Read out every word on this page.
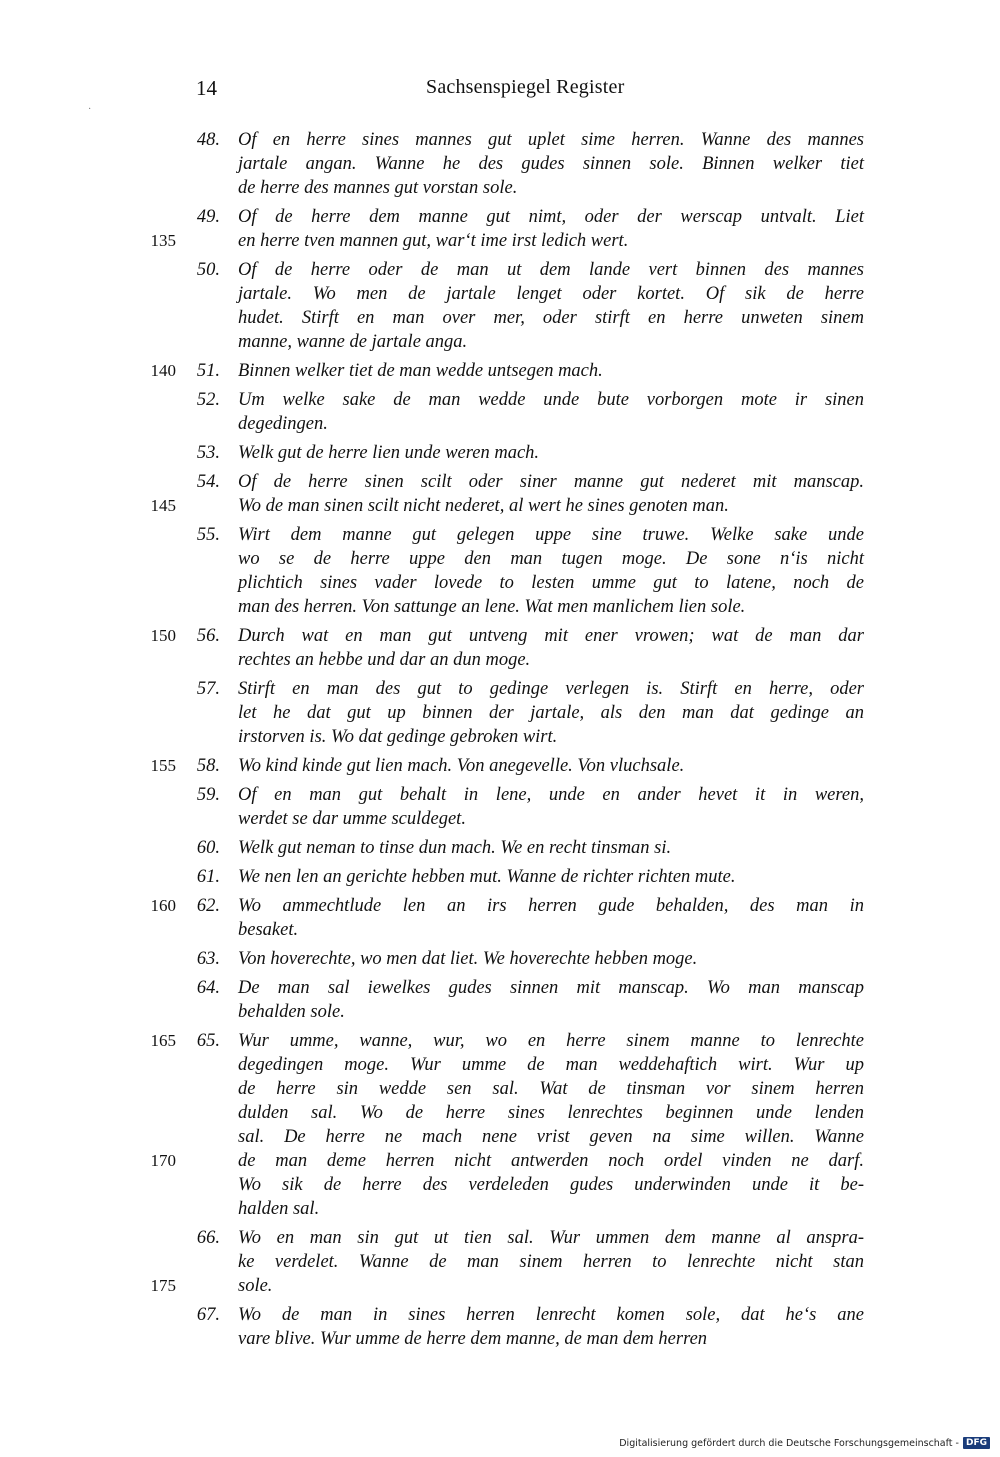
14	Sachsenspiegel Register
·
48. Of en herre sines mannes gut uplet sime herren. Wanne des mannes
jartale angan. Wanne he des gudes sinnen sole. Binnen welker tiet
de herre des mannes gut vorstan sole.
49. Of de herre dem manne gut nimt, oder der werscap untvalt. Liet
135	en herre tven mannen gut, war‘t ime irst ledich wert.
50. Of de herre oder de man ut dem lande vert binnen des mannes
jartale. Wo men de jartale lenget oder kortet. Of sik de herre
hudet. Stirft en man over mer, oder stirft en herre unweten sinem
manne, wanne de jartale anga.
51.
140	Binnen welker tiet de man wedde untsegen mach.
52. Um welke sake de man wedde unde bute vorborgen mote ir sinen
degedingen.
53. Welk gut de herre lien unde weren mach.
54. Of de herre sinen scilt oder siner manne gut nederet mit manscap.
145	Wo de man sinen scilt nicht nederet, al wert he sines genoten man.
55. Wirt dem manne gut gelegen uppe sine truwe. Welke sake unde
wo se de herre uppe den man tugen moge. De sone n‘is nicht
plichtich sines vader lovede to lesten umme gut to latene, noch de
man des herren. Von sattunge an lene. Wat men manlichem lien sole.
56.
150	Durch wat en man gut untveng mit ener vrowen; wat de man dar
rechtes an hebbe und dar an dun moge.
57. Stirft en man des gut to gedinge verlegen is. Stirft en herre, oder
let he dat gut up binnen der jartale, als den man dat gedinge an
irstorven is. Wo dat gedinge gebroken wirt.
58.
155	Wo kind kinde gut lien mach. Von anegevelle. Von vluchsale.
59. Of en man gut behalt in lene, unde en ander hevet it in weren,
werdet se dar umme sculdeget.
60. Welk gut neman to tinse dun mach. We en recht tinsman si.
61. We nen len an gerichte hebben mut. Wanne de richter richten mute.
62.
160	Wo ammechtlude len an irs herren gude behalden, des man in
besaket.
63. Von hoverechte, wo men dat liet. We hoverechte hebben moge.
64. De man sal iewelkes gudes sinnen mit manscap. Wo man manscap
behalden sole.
65.
165	Wur umme, wanne, wur, wo en herre sinem manne to lenrechte
degedingen moge. Wur umme de man weddehaftich wirt. Wur up
de herre sin wedde sen sal. Wat de tinsman vor sinem herren
dulden sal. Wo de herre sines lenrechtes beginnen unde lenden
sal. De herre ne mach nene vrist geven na sime willen. Wanne
170	de man deme herren nicht antwerden noch ordel vinden ne darf.
Wo sik de herre des verdeleden gudes underwinden unde it be-
halden sal.
66. Wo en man sin gut ut tien sal. Wur ummen dem manne al anspra-
ke verdelet. Wanne de man sinem herren to lenrechte nicht stan
175	sole.
67. Wo de man in sines herren lenrecht komen sole, dat he‘s ane
vare blive. Wur umme de herre dem manne, de man dem herren
Digitalisierung gefördert durch die Deutsche Forschungsgemeinschaft - DFG
